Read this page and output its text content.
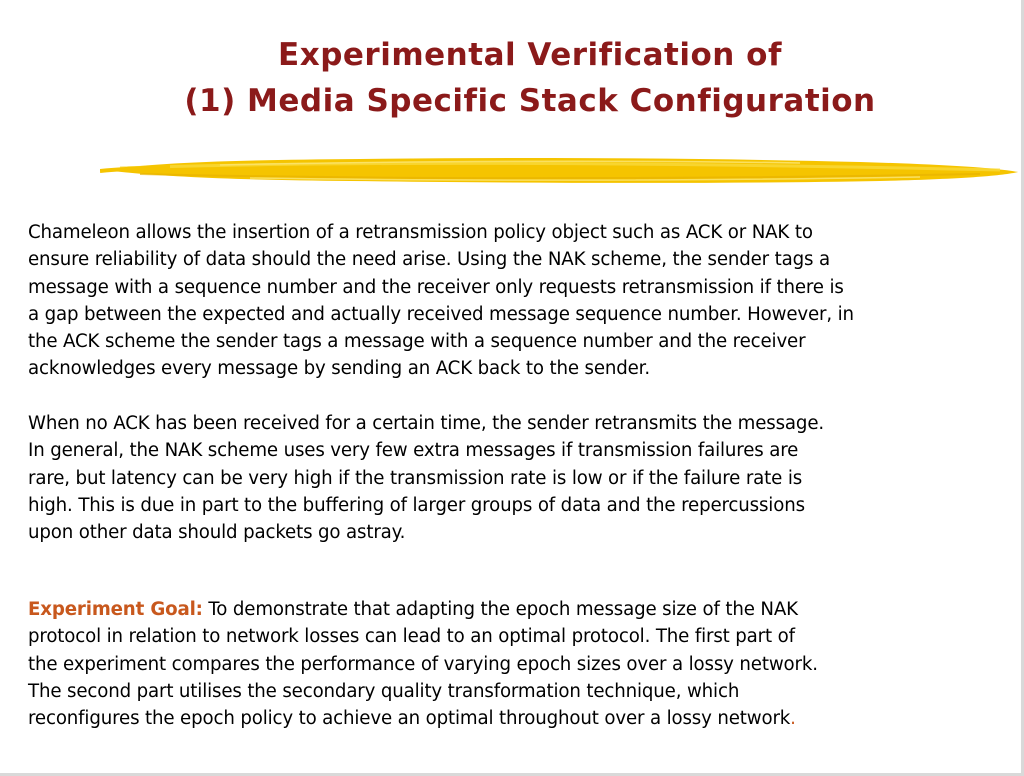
Experimental Verification of
(1) Media Specific Stack Configuration
Chameleon allows the insertion of a retransmission policy object such as ACK or NAK to
ensure reliability of data should the need arise. Using the NAK scheme, the sender tags a
message with a sequence number and the receiver only requests retransmission if there is
a gap between the expected and actually received message sequence number. However, in
the ACK scheme the sender tags a message with a sequence number and the receiver
acknowledges every message by sending an ACK back to the sender.
When no ACK has been received for a certain time, the sender retransmits the message.
In general, the NAK scheme uses very few extra messages if transmission failures are
rare, but latency can be very high if the transmission rate is low or if the failure rate is
high. This is due in part to the buffering of larger groups of data and the repercussions
upon other data should packets go astray.
Experiment Goal: To demonstrate that adapting the epoch message size of the NAK
protocol in relation to network losses can lead to an optimal protocol. The first part of
the experiment compares the performance of varying epoch sizes over a lossy network.
The second part utilises the secondary quality transformation technique, which
reconfigures the epoch policy to achieve an optimal throughout over a lossy network.
